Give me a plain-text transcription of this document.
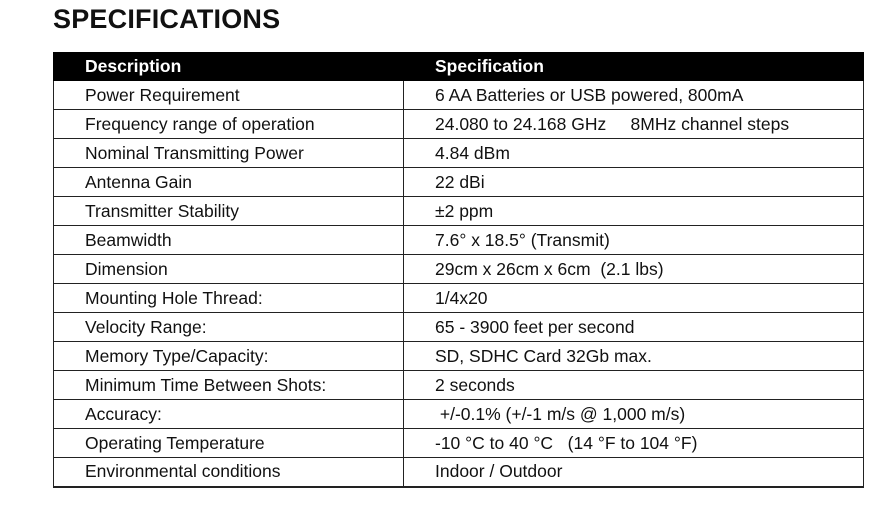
SPECIFICATIONS
Description	Specification
Power Requirement	6 AA Batteries or USB powered, 800mA
Frequency range of operation	24.080 to 24.168 GHz     8MHz channel steps
Nominal Transmitting Power	4.84 dBm
Antenna Gain	22 dBi
Transmitter Stability	±2 ppm
Beamwidth	7.6° x 18.5° (Transmit)
Dimension	29cm x 26cm x 6cm  (2.1 lbs)
Mounting Hole Thread:	1/4x20
Velocity Range:	65 - 3900 feet per second
Memory Type/Capacity:	SD, SDHC Card 32Gb max.
Minimum Time Between Shots:	2 seconds
Accuracy:	+/-0.1% (+/-1 m/s @ 1,000 m/s)
Operating Temperature	-10 °C to 40 °C   (14 °F to 104 °F)
Environmental conditions	Indoor / Outdoor
